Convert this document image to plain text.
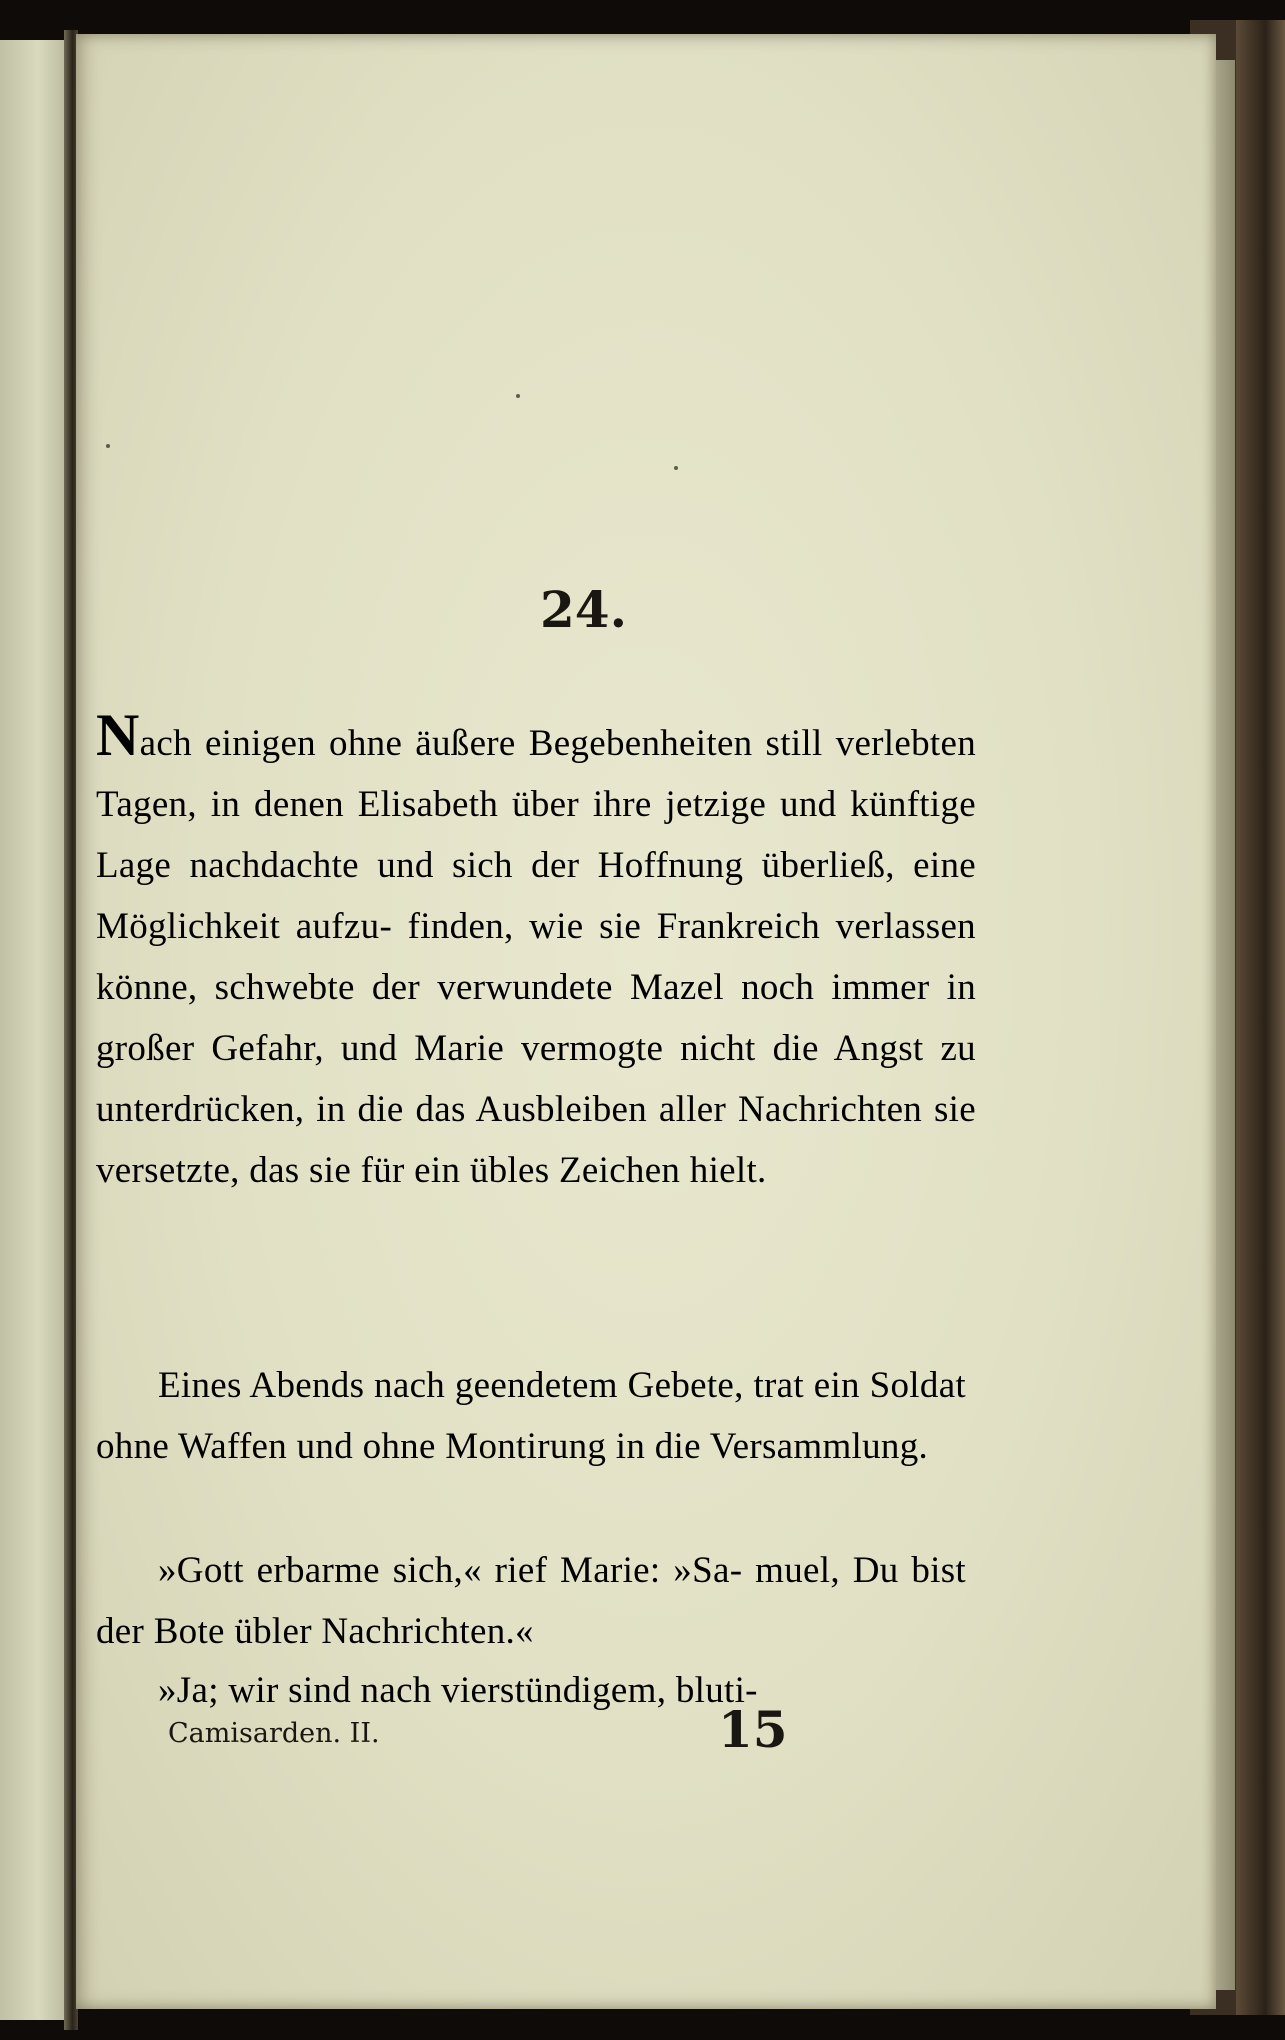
24.

Nach einigen ohne äußere Begebenheiten still verlebten Tagen, in denen Elisabeth über ihre jetzige und künftige Lage nachdachte und sich der Hoffnung überließ, eine Möglichkeit aufzu- finden, wie sie Frankreich verlassen könne, schwebte der verwundete Mazel noch immer in großer Gefahr, und Marie vermogte nicht die Angst zu unterdrücken, in die das Ausbleiben aller Nachrichten sie versetzte, das sie für ein übles Zeichen hielt.

Eines Abends nach geendetem Gebete, trat ein Soldat ohne Waffen und ohne Montirung in die Versammlung.

»Gott erbarme sich,« rief Marie: »Sa- muel, Du bist der Bote übler Nachrichten.«

»Ja; wir sind nach vierstündigem, bluti-

Camisarden. II.	15
